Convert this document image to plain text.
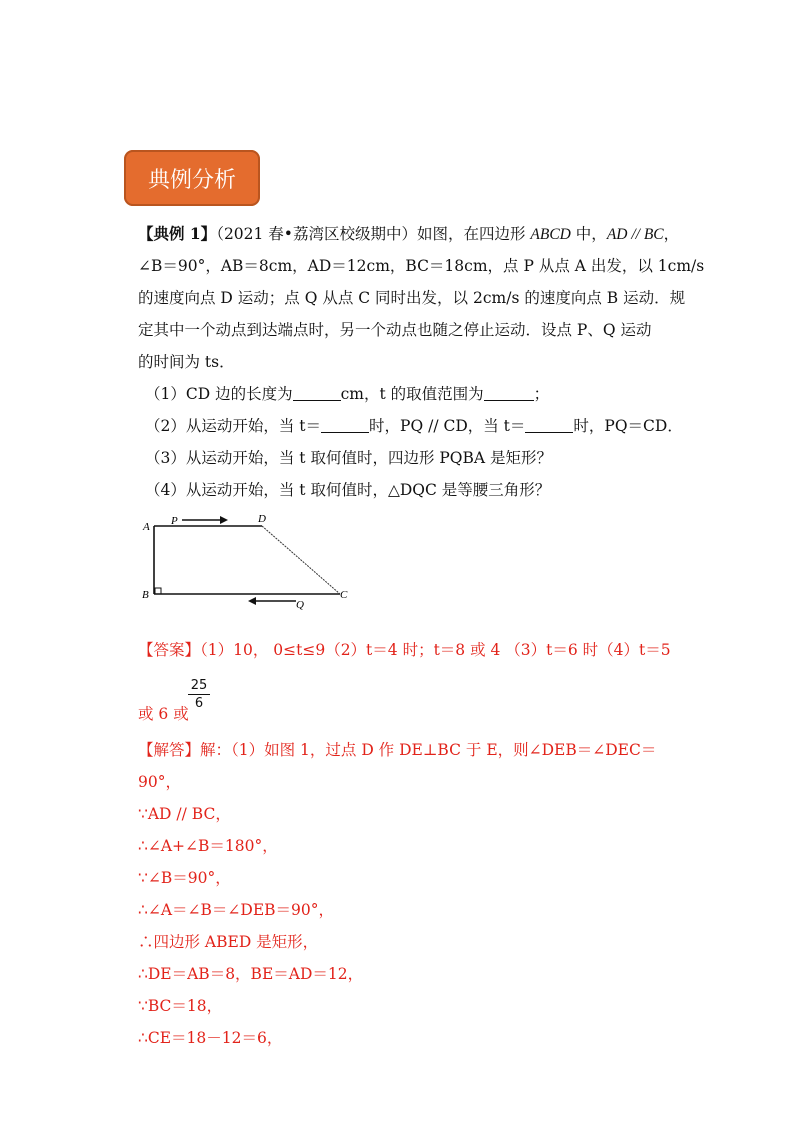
典例分析
【典例 1】（2021 春•荔湾区校级期中）如图，在四边形 ABCD 中，AD // BC，
∠B＝90°，AB＝8cm，AD＝12cm，BC＝18cm，点 P 从点 A 出发，以 1cm/s
的速度向点 D 运动；点 Q 从点 C 同时出发，以 2cm/s 的速度向点 B 运动．规
定其中一个动点到达端点时，另一个动点也随之停止运动．设点 P、Q 运动
的时间为 ts．
（1）CD 边的长度为	cm，t 的取值范围为	；
（2）从运动开始，当 t＝	时，PQ // CD，当 t＝	时，PQ＝CD．
（3）从运动开始，当 t 取何值时，四边形 PQBA 是矩形？
（4）从运动开始，当 t 取何值时，△DQC 是等腰三角形？
A P	D
B
Q
C
【答案】（1）10， 0≤t≤9（2）t＝4 时；t＝8 或 4 （3）t＝6 时（4）t＝5
或 6 或
25
6
【解答】解：（1）如图 1，过点 D 作 DE⊥BC 于 E，则∠DEB＝∠DEC＝
90°，
∵AD // BC，
∴∠A+∠B＝180°，
∵∠B＝90°，
∴∠A＝∠B＝∠DEB＝90°，
∴四边形 ABED 是矩形，
∴DE＝AB＝8，BE＝AD＝12，
∵BC＝18，
∴CE＝18－12＝6，
